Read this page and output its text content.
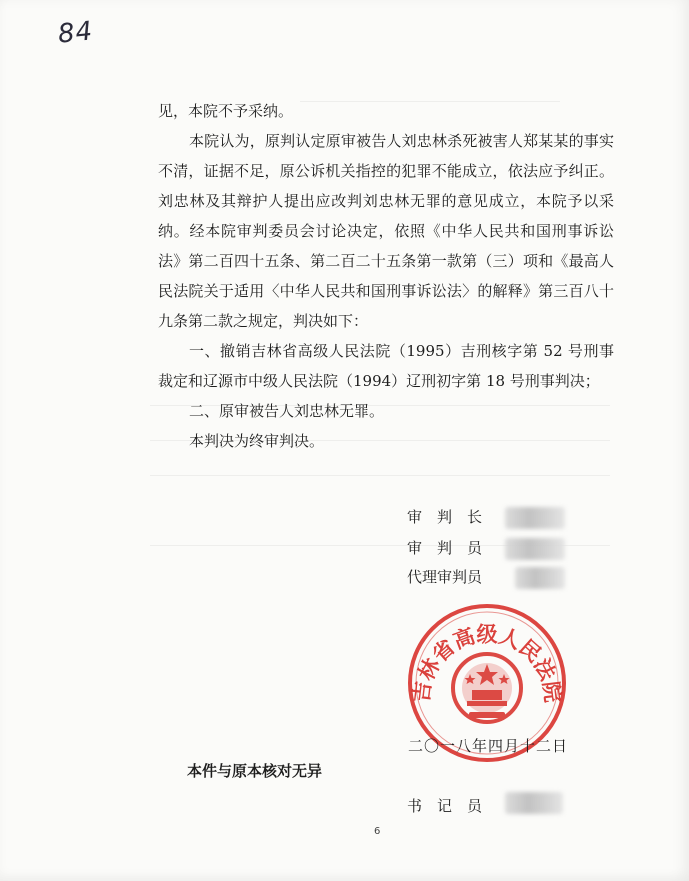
84

见，本院不予采纳。

本院认为，原判认定原审被告人刘忠林杀死被害人郑某某的事实不清，证据不足，原公诉机关指控的犯罪不能成立，依法应予纠正。刘忠林及其辩护人提出应改判刘忠林无罪的意见成立，本院予以采纳。经本院审判委员会讨论决定，依照《中华人民共和国刑事诉讼法》第二百四十五条、第二百二十五条第一款第（三）项和《最高人民法院关于适用〈中华人民共和国刑事诉讼法〉的解释》第三百八十九条第二款之规定，判决如下：

一、撤销吉林省高级人民法院（1995）吉刑核字第 52 号刑事裁定和辽源市中级人民法院（1994）辽刑初字第 18 号刑事判决；

二、原审被告人刘忠林无罪。

本判决为终审判决。

审　判　长
审　判　员
代理审判员
吉林省高级人民法院
二〇一八年四月十二日
本件与原本核对无异
书　记　员
6
